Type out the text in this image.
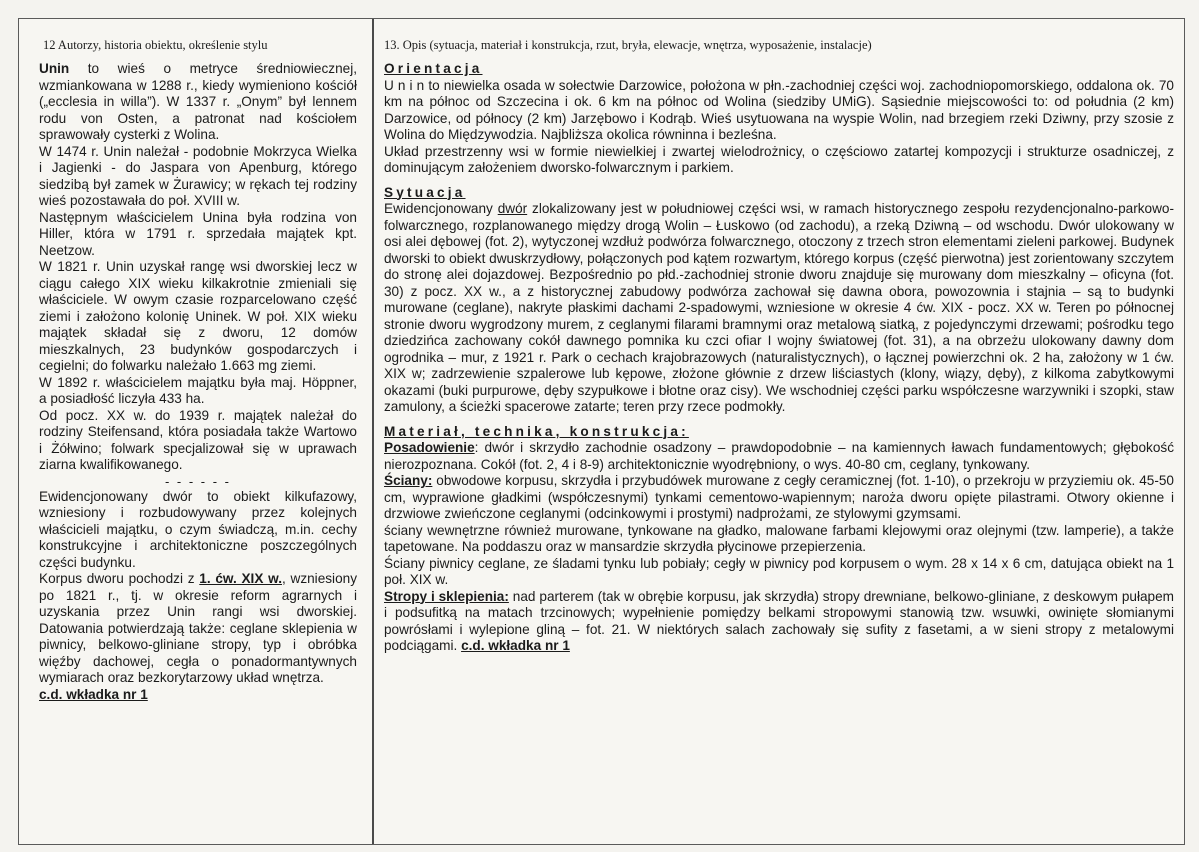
12 Autorzy, historia obiektu, określenie stylu

Unin to wieś o metryce średniowiecznej, wzmiankowana w 1288 r., kiedy wymieniono kościół („ecclesia in willa”). W 1337 r. „Onym” był lennem rodu von Osten, a patronat nad kościołem sprawowały cysterki z Wolina.

W 1474 r. Unin należał - podobnie Mokrzyca Wielka i Jagienki - do Jaspara von Apenburg, którego siedzibą był zamek w Żurawicy; w rękach tej rodziny wieś pozostawała do poł. XVIII w.

Następnym właścicielem Unina była rodzina von Hiller, która w 1791 r. sprzedała majątek kpt. Neetzow.

W 1821 r. Unin uzyskał rangę wsi dworskiej lecz w ciągu całego XIX wieku kilkakrotnie zmieniali się właściciele. W owym czasie rozparcelowano część ziemi i założono kolonię Uninek. W poł. XIX wieku majątek składał się z dworu, 12 domów mieszkalnych, 23 budynków gospodarczych i cegielni; do folwarku należało 1.663 mg ziemi.

W 1892 r. właścicielem majątku była maj. Höppner, a posiadłość liczyła 433 ha.

Od pocz. XX w. do 1939 r. majątek należał do rodziny Steifensand, która posiadała także Wartowo i Żółwino; folwark specjalizował się w uprawach ziarna kwalifikowanego.

- - - - - -

Ewidencjonowany dwór to obiekt kilkufazowy, wzniesiony i rozbudowywany przez kolejnych właścicieli majątku, o czym świadczą, m.in. cechy konstrukcyjne i architektoniczne poszczególnych części budynku.

Korpus dworu pochodzi z 1. ćw. XIX w., wzniesiony po 1821 r., tj. w okresie reform agrarnych i uzyskania przez Unin rangi wsi dworskiej. Datowania potwierdzają także: ceglane sklepienia w piwnicy, belkowo-gliniane stropy, typ i obróbka więźby dachowej, cegła o ponadormantywnych wymiarach oraz bezkorytarzowy układ wnętrza.

c.d. wkładka nr 1

13. Opis (sytuacja, materiał i konstrukcja, rzut, bryła, elewacje, wnętrza, wyposażenie, instalacje)

Orientacja

U n i n to niewielka osada w sołectwie Darzowice, położona w płn.-zachodniej części woj. zachodniopomorskiego, oddalona ok. 70 km na północ od Szczecina i ok. 6 km na północ od Wolina (siedziby UMiG). Sąsiednie miejscowości to: od południa (2 km) Darzowice, od północy (2 km) Jarzębowo i Kodrąb. Wieś usytuowana na wyspie Wolin, nad brzegiem rzeki Dziwny, przy szosie z Wolina do Międzywodzia. Najbliższa okolica równinna i bezleśna.

Układ przestrzenny wsi w formie niewielkiej i zwartej wielodrożnicy, o częściowo zatartej kompozycji i strukturze osadniczej, z dominującym założeniem dworsko-folwarcznym i parkiem.

Sytuacja

Ewidencjonowany dwór zlokalizowany jest w południowej części wsi, w ramach historycznego zespołu rezydencjonalno-parkowo-folwarcznego, rozplanowanego między drogą Wolin – Łuskowo (od zachodu), a rzeką Dziwną – od wschodu. Dwór ulokowany w osi alei dębowej (fot. 2), wytyczonej wzdłuż podwórza folwarcznego, otoczony z trzech stron elementami zieleni parkowej. Budynek dworski to obiekt dwuskrzydłowy, połączonych pod kątem rozwartym, którego korpus (część pierwotna) jest zorientowany szczytem do stronę alei dojazdowej. Bezpośrednio po płd.-zachodniej stronie dworu znajduje się murowany dom mieszkalny – oficyna (fot. 30) z pocz. XX w., a z historycznej zabudowy podwórza zachował się dawna obora, powozownia i stajnia – są to budynki murowane (ceglane), nakryte płaskimi dachami 2-spadowymi, wzniesione w okresie 4 ćw. XIX - pocz. XX w. Teren po północnej stronie dworu wygrodzony murem, z ceglanymi filarami bramnymi oraz metalową siatką, z pojedynczymi drzewami; pośrodku tego dziedzińca zachowany cokół dawnego pomnika ku czci ofiar I wojny światowej (fot. 31), a na obrzeżu ulokowany dawny dom ogrodnika – mur, z 1921 r. Park o cechach krajobrazowych (naturalistycznych), o łącznej powierzchni ok. 2 ha, założony w 1 ćw. XIX w; zadrzewienie szpalerowe lub kępowe, złożone głównie z drzew liściastych (klony, wiązy, dęby), z kilkoma zabytkowymi okazami (buki purpurowe, dęby szypułkowe i błotne oraz cisy). We wschodniej części parku współczesne warzywniki i szopki, staw zamulony, a ścieżki spacerowe zatarte; teren przy rzece podmokły.

Materiał, technika, konstrukcja:

Posadowienie: dwór i skrzydło zachodnie osadzony – prawdopodobnie – na kamiennych ławach fundamentowych; głębokość nierozpoznana. Cokół (fot. 2, 4 i 8-9) architektonicznie wyodrębniony, o wys. 40-80 cm, ceglany, tynkowany.

Ściany: obwodowe korpusu, skrzydła i przybudówek murowane z cegły ceramicznej (fot. 1-10), o przekroju w przyziemiu ok. 45-50 cm, wyprawione gładkimi (współczesnymi) tynkami cementowo-wapiennym; naroża dworu opięte pilastrami. Otwory okienne i drzwiowe zwieńczone ceglanymi (odcinkowymi i prostymi) nadprożami, ze stylowymi gzymsami.

ściany wewnętrzne również murowane, tynkowane na gładko, malowane farbami klejowymi oraz olejnymi (tzw. lamperie), a także tapetowane. Na poddaszu oraz w mansardzie skrzydła płycinowe przepierzenia.

Ściany piwnicy ceglane, ze śladami tynku lub pobiały; cegły w piwnicy pod korpusem o wym. 28 x 14 x 6 cm, datująca obiekt na 1 poł. XIX w.

Stropy i sklepienia: nad parterem (tak w obrębie korpusu, jak skrzydła) stropy drewniane, belkowo-gliniane, z deskowym pułapem i podsufitką na matach trzcinowych; wypełnienie pomiędzy belkami stropowymi stanowią tzw. wsuwki, owinięte słomianymi powrósłami i wylepione gliną – fot. 21. W niektórych salach zachowały się sufity z fasetami, a w sieni stropy z metalowymi podciągami. c.d. wkładka nr 1
